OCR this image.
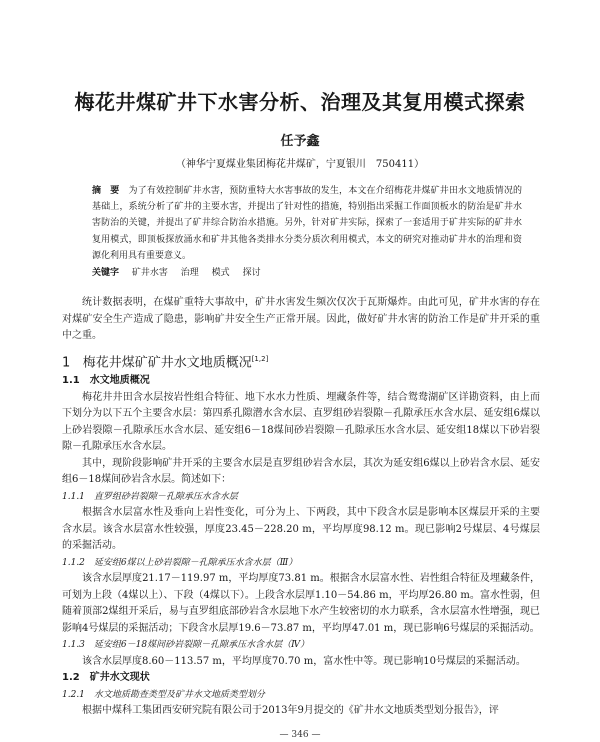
梅花井煤矿井下水害分析、治理及其复用模式探索
任予鑫
（神华宁夏煤业集团梅花井煤矿，宁夏银川　750411）
摘　要 为了有效控制矿井水害，预防重特大水害事故的发生，本文在介绍梅花井煤矿井田水文地质情况的基础上，系统分析了矿井的主要水害，并提出了针对性的措施，特别指出采掘工作面顶板水的防治是矿井水害防治的关键，并提出了矿井综合防治水措施。另外，针对矿井实际，探索了一套适用于矿井实际的矿井水复用模式，即顶板探放涌水和矿井其他各类排水分类分质次利用模式，本文的研究对推动矿井水的治理和资源化利用具有重要意义。
关键字 矿井水害 治理 模式 探讨

统计数据表明，在煤矿重特大事故中，矿井水害发生频次仅次于瓦斯爆炸。由此可见，矿井水害的存在对煤矿安全生产造成了隐患，影响矿井安全生产正常开展。因此，做好矿井水害的防治工作是矿井开采的重中之重。

1 梅花井煤矿矿井水文地质概况[1,2]
1.1　水文地质概况

梅花井井田含水层按岩性组合特征、地下水水力性质、埋藏条件等，结合鸳鸯湖矿区详勘资料，由上而下划分为以下五个主要含水层：第四系孔隙潜水含水层、直罗组砂岩裂隙－孔隙承压水含水层、延安组6煤以上砂岩裂隙－孔隙承压水含水层、延安组6－18煤间砂岩裂隙－孔隙承压水含水层、延安组18煤以下砂岩裂隙－孔隙承压水含水层。

其中，现阶段影响矿井开采的主要含水层是直罗组砂岩含水层，其次为延安组6煤以上砂岩含水层、延安组6－18煤间砂岩含水层。简述如下：

1.1.1　直罗组砂岩裂隙－孔隙承压水含水层

根据含水层富水性及垂向上岩性变化，可分为上、下两段，其中下段含水层是影响本区煤层开采的主要含水层。该含水层富水性较强，厚度23.45－228.20 m，平均厚度98.12 m。现已影响2号煤层、4号煤层的采掘活动。

1.1.2　延安组6煤以上砂岩裂隙－孔隙承压水含水层（Ⅲ）

该含水层厚度21.17－119.97 m，平均厚度73.81 m。根据含水层富水性、岩性组合特征及埋藏条件，可划为上段（4煤以上）、下段（4煤以下）。上段含水层厚1.10－54.86 m，平均厚26.80 m。富水性弱，但随着顶部2煤组开采后，易与直罗组底部砂岩含水层地下水产生较密切的水力联系，含水层富水性增强，现已影响4号煤层的采掘活动；下段含水层厚19.6－73.87 m，平均厚47.01 m，现已影响6号煤层的采掘活动。

1.1.3　延安组6－18煤间砂岩裂隙－孔隙承压水含水层（Ⅳ）

该含水层厚度8.60－113.57 m，平均厚度70.70 m，富水性中等。现已影响10号煤层的采掘活动。

1.2　矿井水文现状
1.2.1　水文地质勘查类型及矿井水文地质类型划分

根据中煤科工集团西安研究院有限公司于2013年9月提交的《矿井水文地质类型划分报告》，评

— 346 —
